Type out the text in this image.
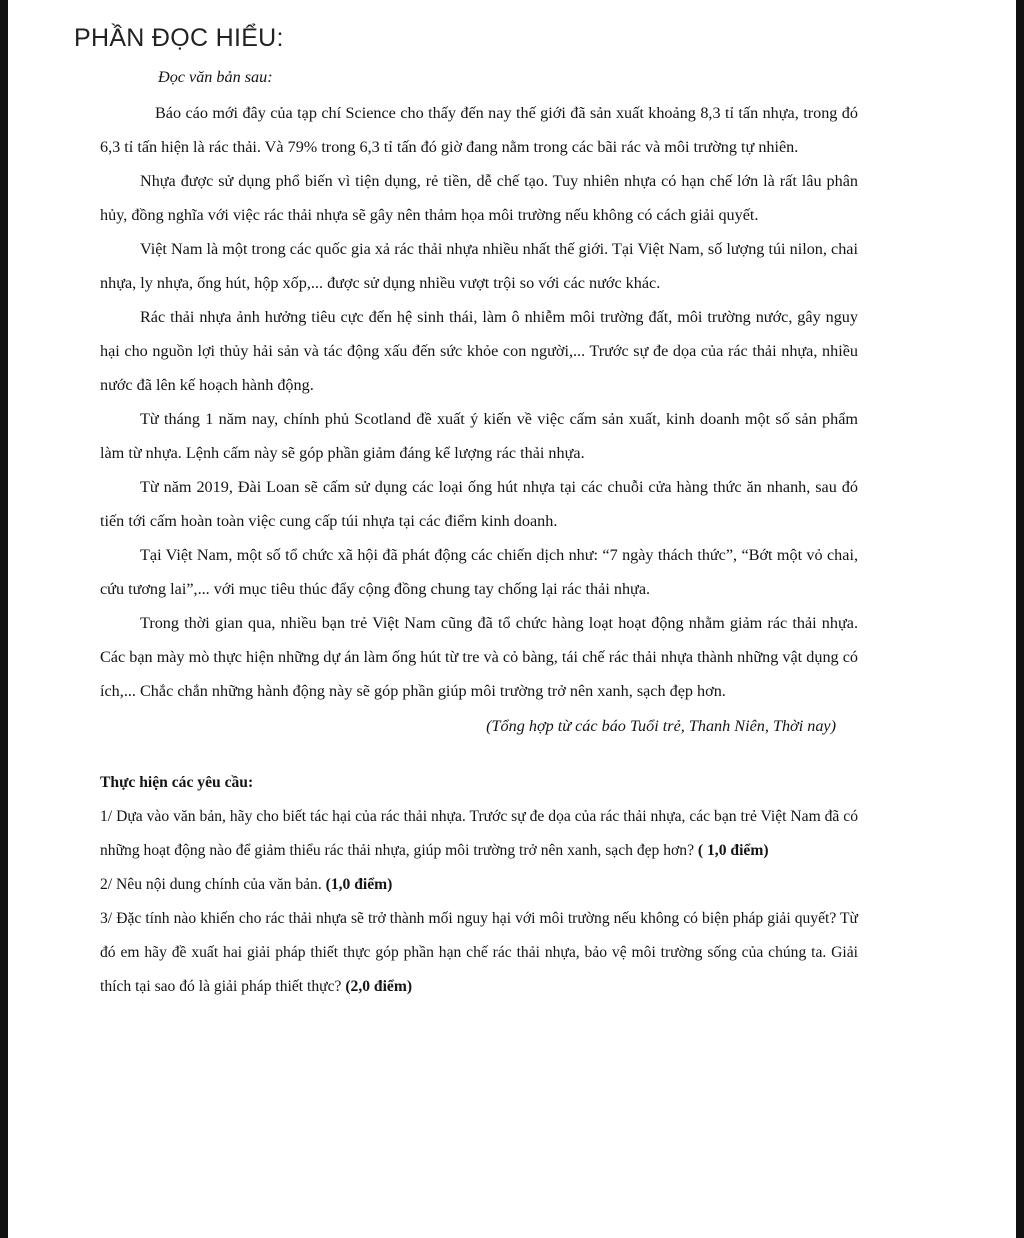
PHẦN ĐỌC HIỂU:

Đọc văn bản sau:

Báo cáo mới đây của tạp chí Science cho thấy đến nay thế giới đã sản xuất khoảng 8,3 tỉ tấn nhựa, trong đó 6,3 tỉ tấn hiện là rác thải. Và 79% trong 6,3 tỉ tấn đó giờ đang nằm trong các bãi rác và môi trường tự nhiên.

Nhựa được sử dụng phổ biến vì tiện dụng, rẻ tiền, dễ chế tạo. Tuy nhiên nhựa có hạn chế lớn là rất lâu phân hủy, đồng nghĩa với việc rác thải nhựa sẽ gây nên thảm họa môi trường nếu không có cách giải quyết.

Việt Nam là một trong các quốc gia xả rác thải nhựa nhiều nhất thế giới. Tại Việt Nam, số lượng túi nilon, chai nhựa, ly nhựa, ống hút, hộp xốp,... được sử dụng nhiều vượt trội so với các nước khác.

Rác thải nhựa ảnh hưởng tiêu cực đến hệ sinh thái, làm ô nhiễm môi trường đất, môi trường nước, gây nguy hại cho nguồn lợi thủy hải sản và tác động xấu đến sức khỏe con người,... Trước sự đe dọa của rác thải nhựa, nhiều nước đã lên kế hoạch hành động.

Từ tháng 1 năm nay, chính phủ Scotland đề xuất ý kiến về việc cấm sản xuất, kinh doanh một số sản phẩm làm từ nhựa. Lệnh cấm này sẽ góp phần giảm đáng kể lượng rác thải nhựa.

Từ năm 2019, Đài Loan sẽ cấm sử dụng các loại ống hút nhựa tại các chuỗi cửa hàng thức ăn nhanh, sau đó tiến tới cấm hoàn toàn việc cung cấp túi nhựa tại các điểm kinh doanh.

Tại Việt Nam, một số tổ chức xã hội đã phát động các chiến dịch như: “7 ngày thách thức”, “Bớt một vỏ chai, cứu tương lai”,... với mục tiêu thúc đẩy cộng đồng chung tay chống lại rác thải nhựa.

Trong thời gian qua, nhiều bạn trẻ Việt Nam cũng đã tổ chức hàng loạt hoạt động nhằm giảm rác thải nhựa. Các bạn mày mò thực hiện những dự án làm ống hút từ tre và cỏ bàng, tái chế rác thải nhựa thành những vật dụng có ích,... Chắc chắn những hành động này sẽ góp phần giúp môi trường trở nên xanh, sạch đẹp hơn.

(Tổng hợp từ các báo Tuổi trẻ, Thanh Niên, Thời nay)

Thực hiện các yêu cầu:

1/ Dựa vào văn bản, hãy cho biết tác hại của rác thải nhựa. Trước sự đe dọa của rác thải nhựa, các bạn trẻ Việt Nam đã có những hoạt động nào để giảm thiểu rác thải nhựa, giúp môi trường trở nên xanh, sạch đẹp hơn? ( 1,0 điểm)

2/ Nêu nội dung chính của văn bản. (1,0 điểm)

3/ Đặc tính nào khiến cho rác thải nhựa sẽ trở thành mối nguy hại với môi trường nếu không có biện pháp giải quyết? Từ đó em hãy đề xuất hai giải pháp thiết thực góp phần hạn chế rác thải nhựa, bảo vệ môi trường sống của chúng ta. Giải thích tại sao đó là giải pháp thiết thực? (2,0 điểm)
